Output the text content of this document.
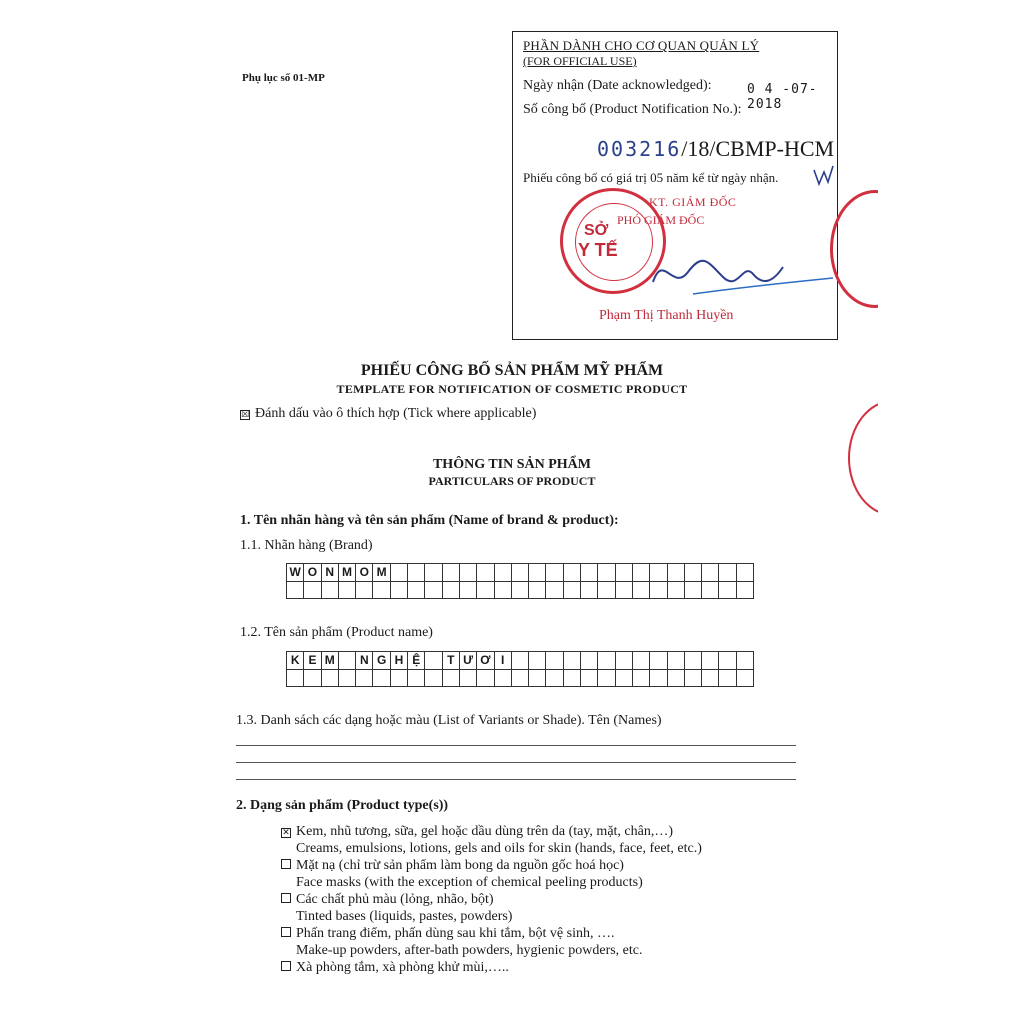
Phụ lục số 01-MP
PHẦN DÀNH CHO CƠ QUAN QUẢN LÝ
(FOR OFFICIAL USE)
Ngày nhận (Date acknowledged):	0 4 -07- 2018
Số công bố (Product Notification No.):
003216/18/CBMP-HCM
Phiếu công bố có giá trị 05 năm kể từ ngày nhận.
KT. GIÁM ĐỐC
PHÓ GIÁM ĐỐC
Phạm Thị Thanh Huyền
SỞ
Y TẾ
PHIẾU CÔNG BỐ SẢN PHẨM MỸ PHẨM
TEMPLATE FOR NOTIFICATION OF COSMETIC PRODUCT
☒ Đánh dấu vào ô thích hợp (Tick where applicable)
THÔNG TIN SẢN PHẨM
PARTICULARS OF PRODUCT
1. Tên nhãn hàng và tên sản phẩm (Name of brand & product):
1.1. Nhãn hàng (Brand)
W O N M O M
1.2. Tên sản phẩm (Product name)
K E M	N G H Ệ	T Ư Ơ I
1.3. Danh sách các dạng hoặc màu (List of Variants or Shade). Tên (Names)
2. Dạng sản phẩm (Product type(s))
✕ Kem, nhũ tương, sữa, gel hoặc dầu dùng trên da (tay, mặt, chân,…)
Creams, emulsions, lotions, gels and oils for skin (hands, face, feet, etc.)
Mặt nạ (chỉ trừ sản phẩm làm bong da nguồn gốc hoá học)
Face masks (with the exception of chemical peeling products)
Các chất phủ màu (lỏng, nhão, bột)
Tinted bases (liquids, pastes, powders)
Phấn trang điểm, phấn dùng sau khi tắm, bột vệ sinh, ….
Make-up powders, after-bath powders, hygienic powders, etc.
Xà phòng tắm, xà phòng khử mùi,…..
